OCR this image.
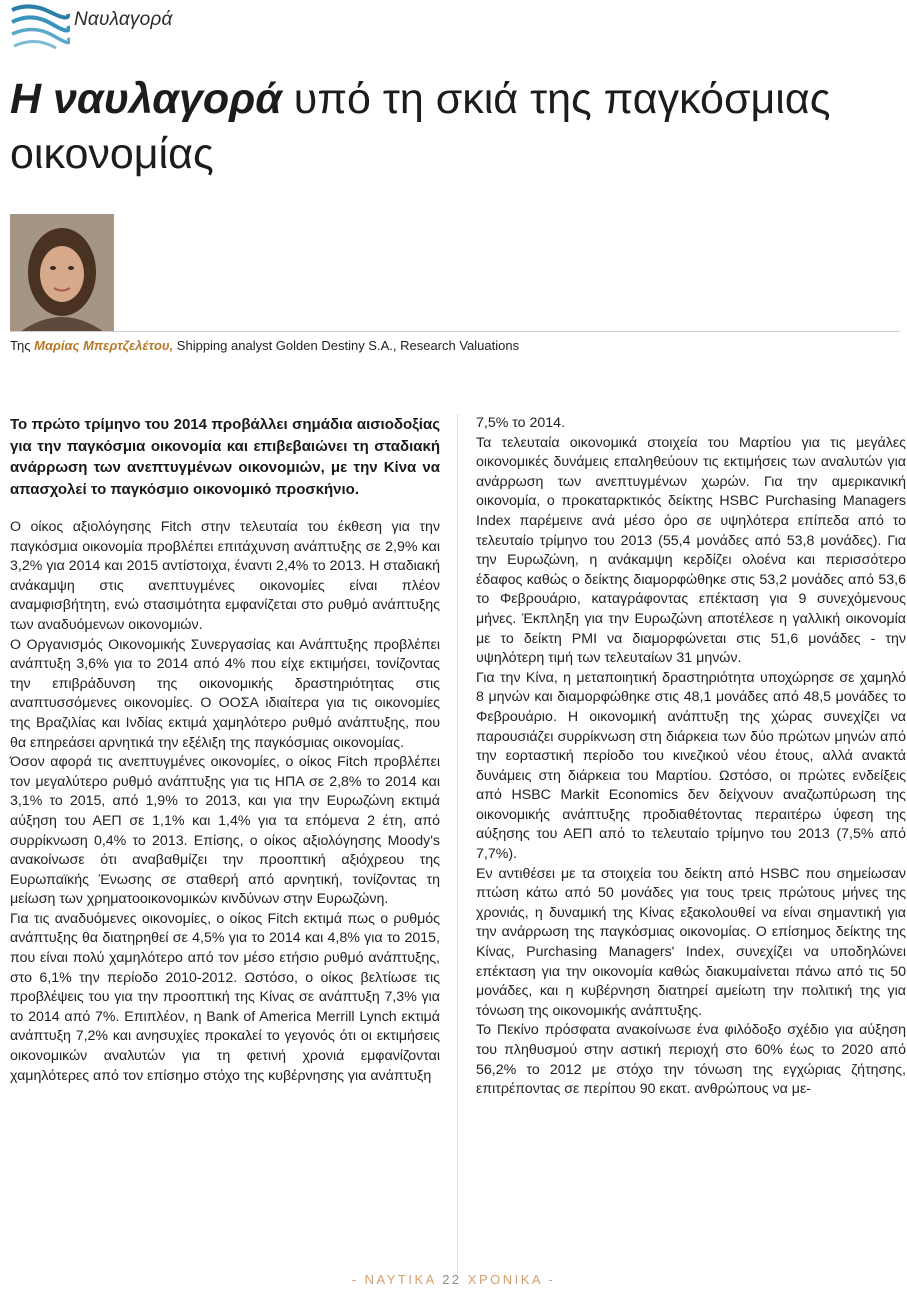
Ναυλαγορά
Η ναυλαγορά υπό τη σκιά της παγκόσμιας οικονομίας
Της Μαρίας Μπερτζελέτου, Shipping analyst Golden Destiny S.A., Research Valuations

Το πρώτο τρίμηνο του 2014 προβάλλει σημάδια αισιοδοξίας για την παγκόσμια οικονομία και επιβεβαιώνει τη σταδιακή ανάρρωση των ανεπτυγμένων οικονομιών, με την Κίνα να απασχολεί το παγκόσμιο οικονομικό προσκήνιο.

Ο οίκος αξιολόγησης Fitch στην τελευταία του έκθεση για την παγκόσμια οικονομία προβλέπει επιτάχυνση ανάπτυξης σε 2,9% και 3,2% για 2014 και 2015 αντίστοιχα, έναντι 2,4% το 2013. Η σταδιακή ανάκαμψη στις ανεπτυγμένες οικονομίες είναι πλέον αναμφισβήτητη, ενώ στασιμότητα εμφανίζεται στο ρυθμό ανάπτυξης των αναδυόμενων οικονομιών.

Ο Οργανισμός Οικονομικής Συνεργασίας και Ανάπτυξης προβλέπει ανάπτυξη 3,6% για το 2014 από 4% που είχε εκτιμήσει, τονίζοντας την επιβράδυνση της οικονομικής δραστηριότητας στις αναπτυσσόμενες οικονομίες. Ο ΟΟΣΑ ιδιαίτερα για τις οικονομίες της Βραζιλίας και Ινδίας εκτιμά χαμηλότερο ρυθμό ανάπτυξης, που θα επηρεάσει αρνητικά την εξέλιξη της παγκόσμιας οικονομίας.

Όσον αφορά τις ανεπτυγμένες οικονομίες, ο οίκος Fitch προβλέπει τον μεγαλύτερο ρυθμό ανάπτυξης για τις ΗΠΑ σε 2,8% το 2014 και 3,1% το 2015, από 1,9% το 2013, και για την Ευρωζώνη εκτιμά αύξηση του ΑΕΠ σε 1,1% και 1,4% για τα επόμενα 2 έτη, από συρρίκνωση 0,4% το 2013. Επίσης, ο οίκος αξιολόγησης Moody's ανακοίνωσε ότι αναβαθμίζει την προοπτική αξιόχρεου της Ευρωπαϊκής Ένωσης σε σταθερή από αρνητική, τονίζοντας τη μείωση των χρηματοοικονομικών κινδύνων στην Ευρωζώνη.

Για τις αναδυόμενες οικονομίες, ο οίκος Fitch εκτιμά πως ο ρυθμός ανάπτυξης θα διατηρηθεί σε 4,5% για το 2014 και 4,8% για το 2015, που είναι πολύ χαμηλότερο από τον μέσο ετήσιο ρυθμό ανάπτυξης, στο 6,1% την περίοδο 2010-2012. Ωστόσο, ο οίκος βελτίωσε τις προβλέψεις του για την προοπτική της Κίνας σε ανάπτυξη 7,3% για το 2014 από 7%. Επιπλέον, η Bank of America Merrill Lynch εκτιμά ανάπτυξη 7,2% και ανησυχίες προκαλεί το γεγονός ότι οι εκτιμήσεις οικονομικών αναλυτών για τη φετινή χρονιά εμφανίζονται χαμηλότερες από τον επίσημο στόχο της κυβέρνησης για ανάπτυξη

7,5% το 2014.

Τα τελευταία οικονομικά στοιχεία του Μαρτίου για τις μεγάλες οικονομικές δυνάμεις επαληθεύουν τις εκτιμήσεις των αναλυτών για ανάρρωση των ανεπτυγμένων χωρών. Για την αμερικανική οικονομία, ο προκαταρκτικός δείκτης HSBC Purchasing Managers Index παρέμεινε ανά μέσο όρο σε υψηλότερα επίπεδα από το τελευταίο τρίμηνο του 2013 (55,4 μονάδες από 53,8 μονάδες). Για την Ευρωζώνη, η ανάκαμψη κερδίζει ολοένα και περισσότερο έδαφος καθώς ο δείκτης διαμορφώθηκε στις 53,2 μονάδες από 53,6 το Φεβρουάριο, καταγράφοντας επέκταση για 9 συνεχόμενους μήνες. Έκπληξη για την Ευρωζώνη αποτέλεσε η γαλλική οικονομία με το δείκτη PMI να διαμορφώνεται στις 51,6 μονάδες - την υψηλότερη τιμή των τελευταίων 31 μηνών.

Για την Κίνα, η μεταποιητική δραστηριότητα υποχώρησε σε χαμηλό 8 μηνών και διαμορφώθηκε στις 48,1 μονάδες από 48,5 μονάδες το Φεβρουάριο. Η οικονομική ανάπτυξη της χώρας συνεχίζει να παρουσιάζει συρρίκνωση στη διάρκεια των δύο πρώτων μηνών από την εορταστική περίοδο του κινεζικού νέου έτους, αλλά ανακτά δυνάμεις στη διάρκεια του Μαρτίου. Ωστόσο, οι πρώτες ενδείξεις από HSBC Markit Economics δεν δείχνουν αναζωπύρωση της οικονομικής ανάπτυξης προδιαθέτοντας περαιτέρω ύφεση της αύξησης του ΑΕΠ από το τελευταίο τρίμηνο του 2013 (7,5% από 7,7%).

Εν αντιθέσει με τα στοιχεία του δείκτη από HSBC που σημείωσαν πτώση κάτω από 50 μονάδες για τους τρεις πρώτους μήνες της χρονιάς, η δυναμική της Κίνας εξακολουθεί να είναι σημαντική για την ανάρρωση της παγκόσμιας οικονομίας. Ο επίσημος δείκτης της Κίνας, Purchasing Managers' Index, συνεχίζει να υποδηλώνει επέκταση για την οικονομία καθώς διακυμαίνεται πάνω από τις 50 μονάδες, και η κυβέρνηση διατηρεί αμείωτη την πολιτική της για τόνωση της οικονομικής ανάπτυξης.

Το Πεκίνο πρόσφατα ανακοίνωσε ένα φιλόδοξο σχέδιο για αύξηση του πληθυσμού στην αστική περιοχή στο 60% έως το 2020 από 56,2% το 2012 με στόχο την τόνωση της εγχώριας ζήτησης, επιτρέποντας σε περίπου 90 εκατ. ανθρώπους να με-

- ΝΑΥΤΙΚΑ 22 ΧΡΟΝΙΚΑ -
